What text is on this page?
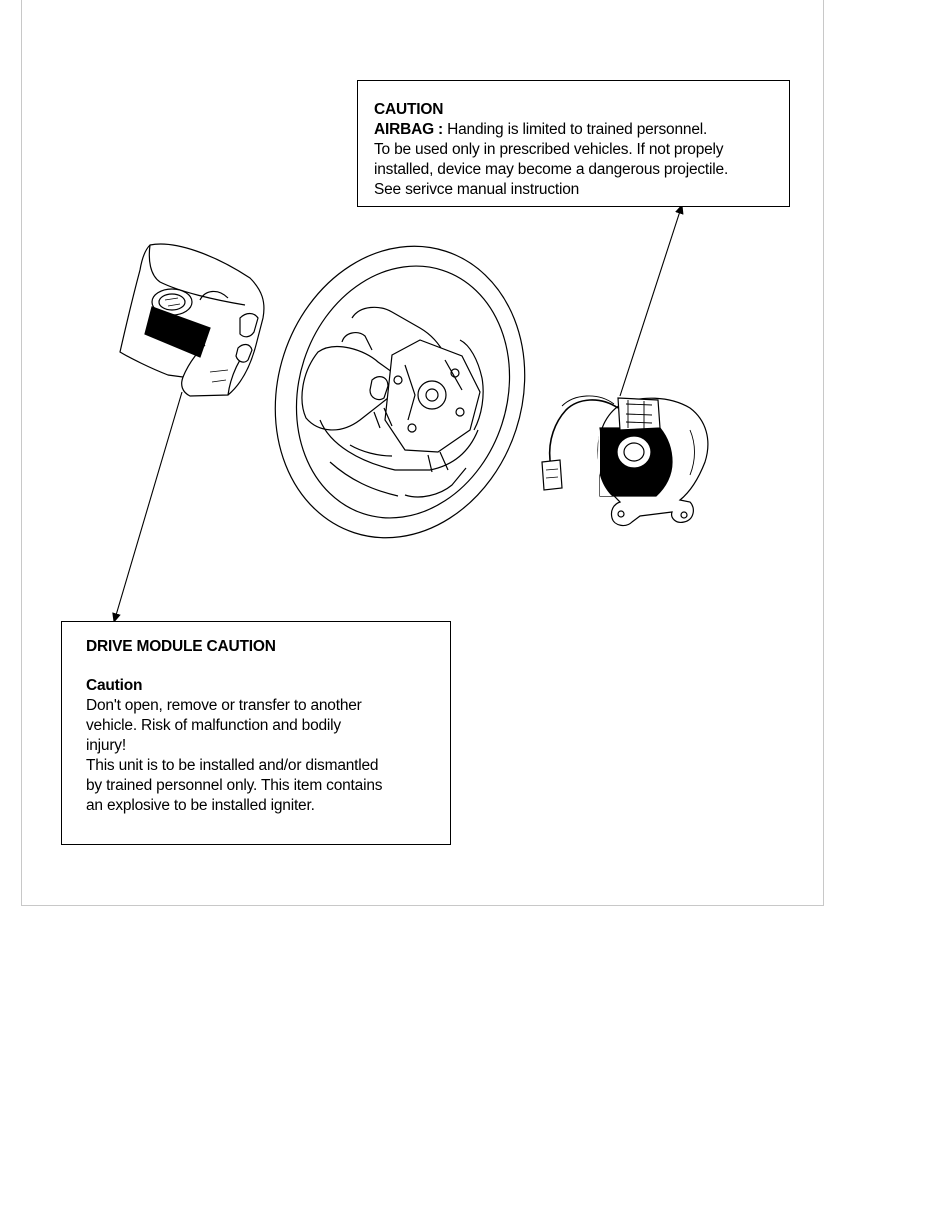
CAUTION
AIRBAG : Handing is limited to trained personnel.
To be used only in prescribed vehicles. If not propely
installed, device may become a dangerous projectile.
See serivce manual instruction
DRIVE MODULE CAUTION
Caution
Don't open, remove or transfer to another
vehicle. Risk of malfunction and bodily
injury!
This unit is to be installed and/or dismantled
by trained personnel only. This item contains
an explosive to be installed igniter.
